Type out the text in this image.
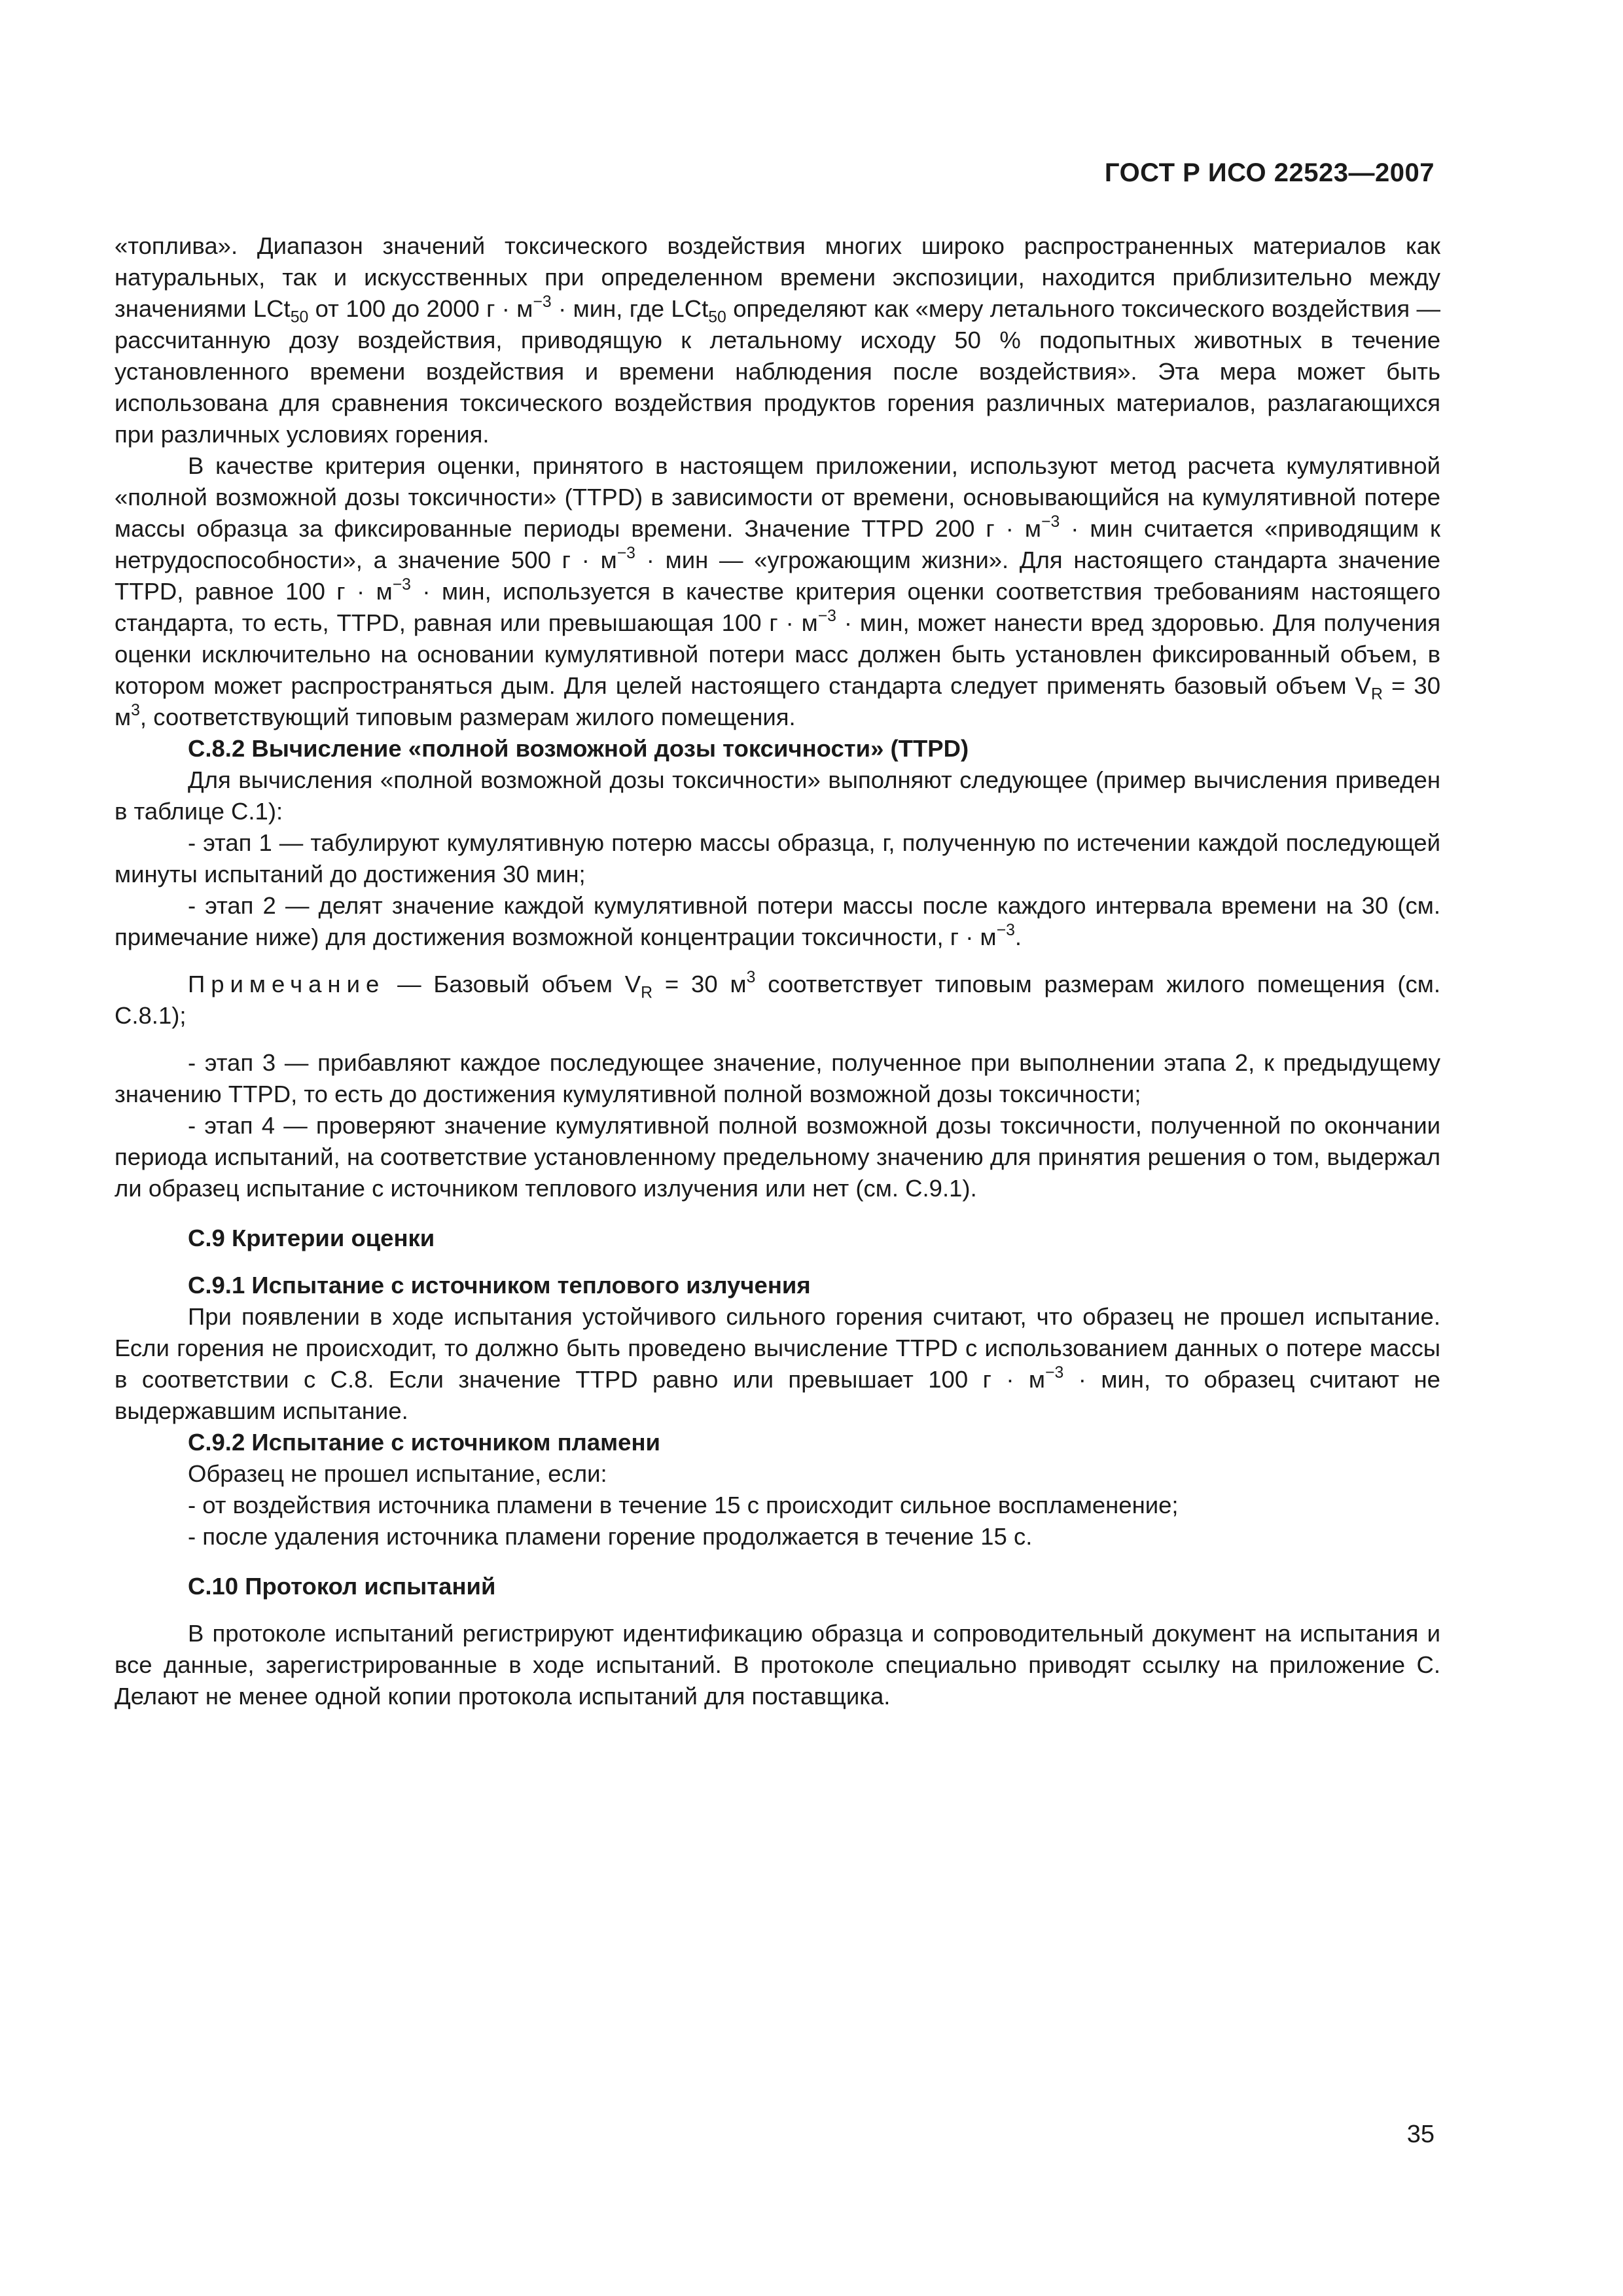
ГОСТ Р ИСО 22523—2007

«топлива». Диапазон значений токсического воздействия многих широко распространенных материалов как натуральных, так и искусственных при определенном времени экспозиции, находится приблизительно между значениями LCt$_{50}$ от 100 до 2000 $г \cdot м^{-3}$ · мин, где LCt$_{50}$ определяют как «меру летального токсического воздействия — рассчитанную дозу воздействия, приводящую к летальному исходу 50 % подопытных животных в течение установленного времени воздействия и времени наблюдения после воздействия». Эта мера может быть использована для сравнения токсического воздействия продуктов горения различных материалов, разлагающихся при различных условиях горения.

В качестве критерия оценки, принятого в настоящем приложении, используют метод расчета кумулятивной «полной возможной дозы токсичности» (TTPD) в зависимости от времени, основывающийся на кумулятивной потере массы образца за фиксированные периоды времени. Значение TTPD 200 $г \cdot м^{-3}$ · мин считается «приводящим к нетрудоспособности», а значение 500 $г \cdot м^{-3}$ · мин — «угрожающим жизни». Для настоящего стандарта значение TTPD, равное 100 $г \cdot м^{-3}$ · мин, используется в качестве критерия оценки соответствия требованиям настоящего стандарта, то есть, TTPD, равная или превышающая 100 $г \cdot м^{-3}$ · мин, может нанести вред здоровью. Для получения оценки исключительно на основании кумулятивной потери масс должен быть установлен фиксированный объем, в котором может распространяться дым. Для целей настоящего стандарта следует применять базовый объем $V_R = 30$ $м^3$, соответствующий типовым размерам жилого помещения.

С.8.2 Вычисление «полной возможной дозы токсичности» (TTPD)

Для вычисления «полной возможной дозы токсичности» выполняют следующее (пример вычисления приведен в таблице С.1):

- этап 1 — табулируют кумулятивную потерю массы образца, г, полученную по истечении каждой последующей минуты испытаний до достижения 30 мин;

- этап 2 — делят значение каждой кумулятивной потери массы после каждого интервала времени на 30 (см. примечание ниже) для достижения возможной концентрации токсичности, $г \cdot м^{-3}$.

Примечание — Базовый объем $V_R = 30$ $м^3$ соответствует типовым размерам жилого помещения (см. С.8.1);

- этап 3 — прибавляют каждое последующее значение, полученное при выполнении этапа 2, к предыдущему значению TTPD, то есть до достижения кумулятивной полной возможной дозы токсичности;

- этап 4 — проверяют значение кумулятивной полной возможной дозы токсичности, полученной по окончании периода испытаний, на соответствие установленному предельному значению для принятия решения о том, выдержал ли образец испытание с источником теплового излучения или нет (см. С.9.1).

С.9 Критерии оценки

С.9.1 Испытание с источником теплового излучения

При появлении в ходе испытания устойчивого сильного горения считают, что образец не прошел испытание. Если горения не происходит, то должно быть проведено вычисление TTPD с использованием данных о потере массы в соответствии с С.8. Если значение TTPD равно или превышает 100 $г \cdot м^{-3}$ · мин, то образец считают не выдержавшим испытание.

С.9.2 Испытание с источником пламени

Образец не прошел испытание, если:

- от воздействия источника пламени в течение 15 с происходит сильное воспламенение;

- после удаления источника пламени горение продолжается в течение 15 с.

С.10 Протокол испытаний

В протоколе испытаний регистрируют идентификацию образца и сопроводительный документ на испытания и все данные, зарегистрированные в ходе испытаний. В протоколе специально приводят ссылку на приложение С. Делают не менее одной копии протокола испытаний для поставщика.

35
